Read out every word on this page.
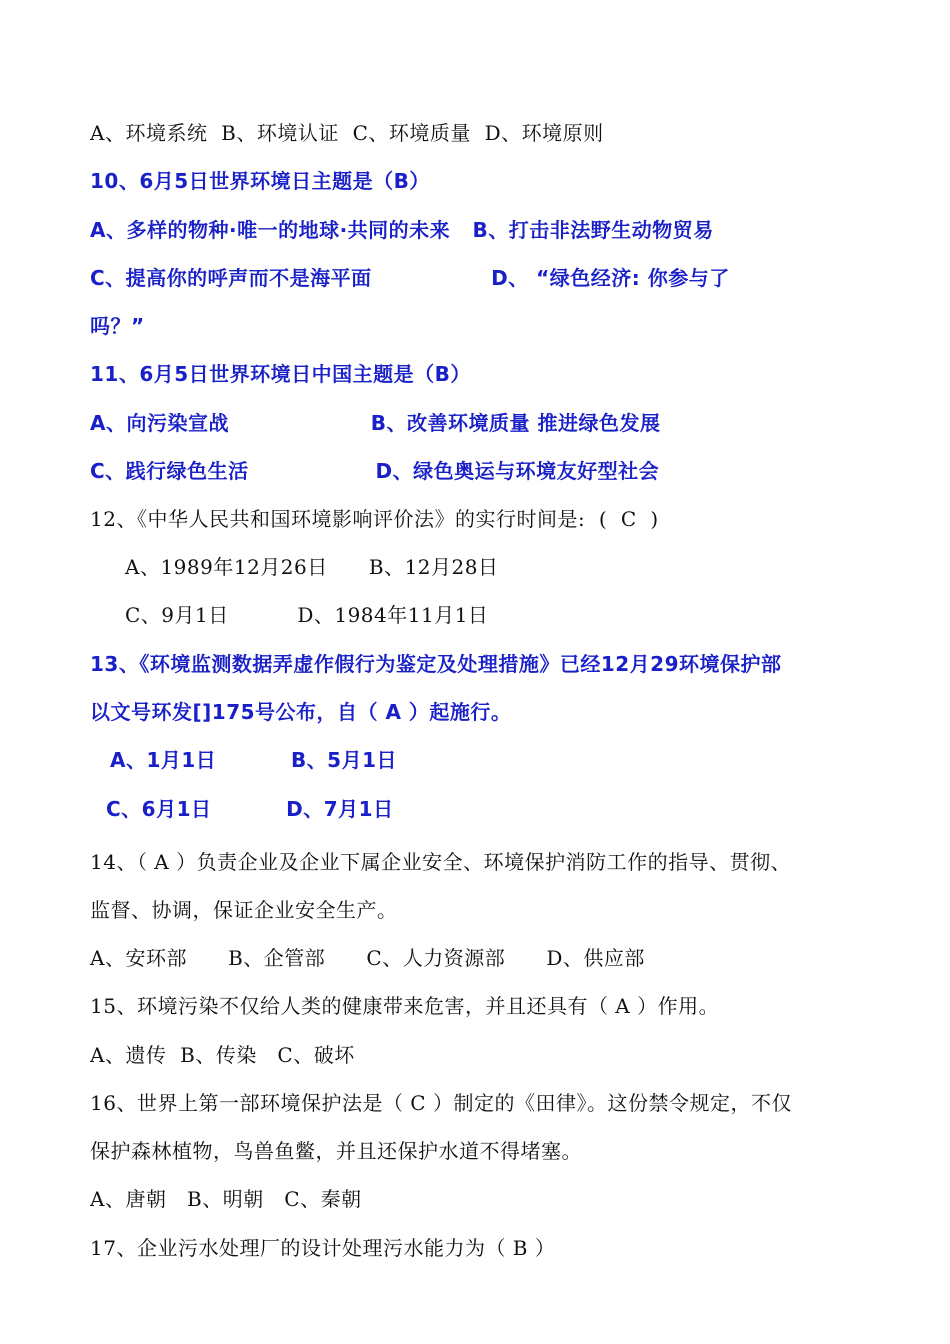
A、环境系统  B、环境认证  C、环境质量  D、环境原则
10、6月5日世界环境日主题是（B）
A、多样的物种·唯一的地球·共同的未来   B、打击非法野生动物贸易
C、提高你的呼声而不是海平面                D、 “绿色经济: 你参与了
吗？”
11、6月5日世界环境日中国主题是（B）
A、向污染宣战                   B、改善环境质量 推进绿色发展
C、践行绿色生活                 D、绿色奥运与环境友好型社会
12、《中华人民共和国环境影响评价法》的实行时间是:  (  C  )
A、1989年12月26日      B、12月28日
C、9月1日          D、1984年11月1日
13、《环境监测数据弄虚作假行为鉴定及处理措施》已经12月29环境保护部
以文号环发[]175号公布，自（ A ）起施行。
A、1月1日          B、5月1日
C、6月1日          D、7月1日
14、（ A ）负责企业及企业下属企业安全、环境保护消防工作的指导、贯彻、
监督、协调，保证企业安全生产。
A、安环部      B、企管部      C、人力资源部      D、供应部
15、环境污染不仅给人类的健康带来危害，并且还具有（ A ）作用。
A、遗传  B、传染   C、破坏
16、世界上第一部环境保护法是（ C ）制定的《田律》。这份禁令规定，不仅
保护森林植物，鸟兽鱼鳖，并且还保护水道不得堵塞。
A、唐朝   B、明朝   C、秦朝
17、企业污水处理厂的设计处理污水能力为（ B ）
